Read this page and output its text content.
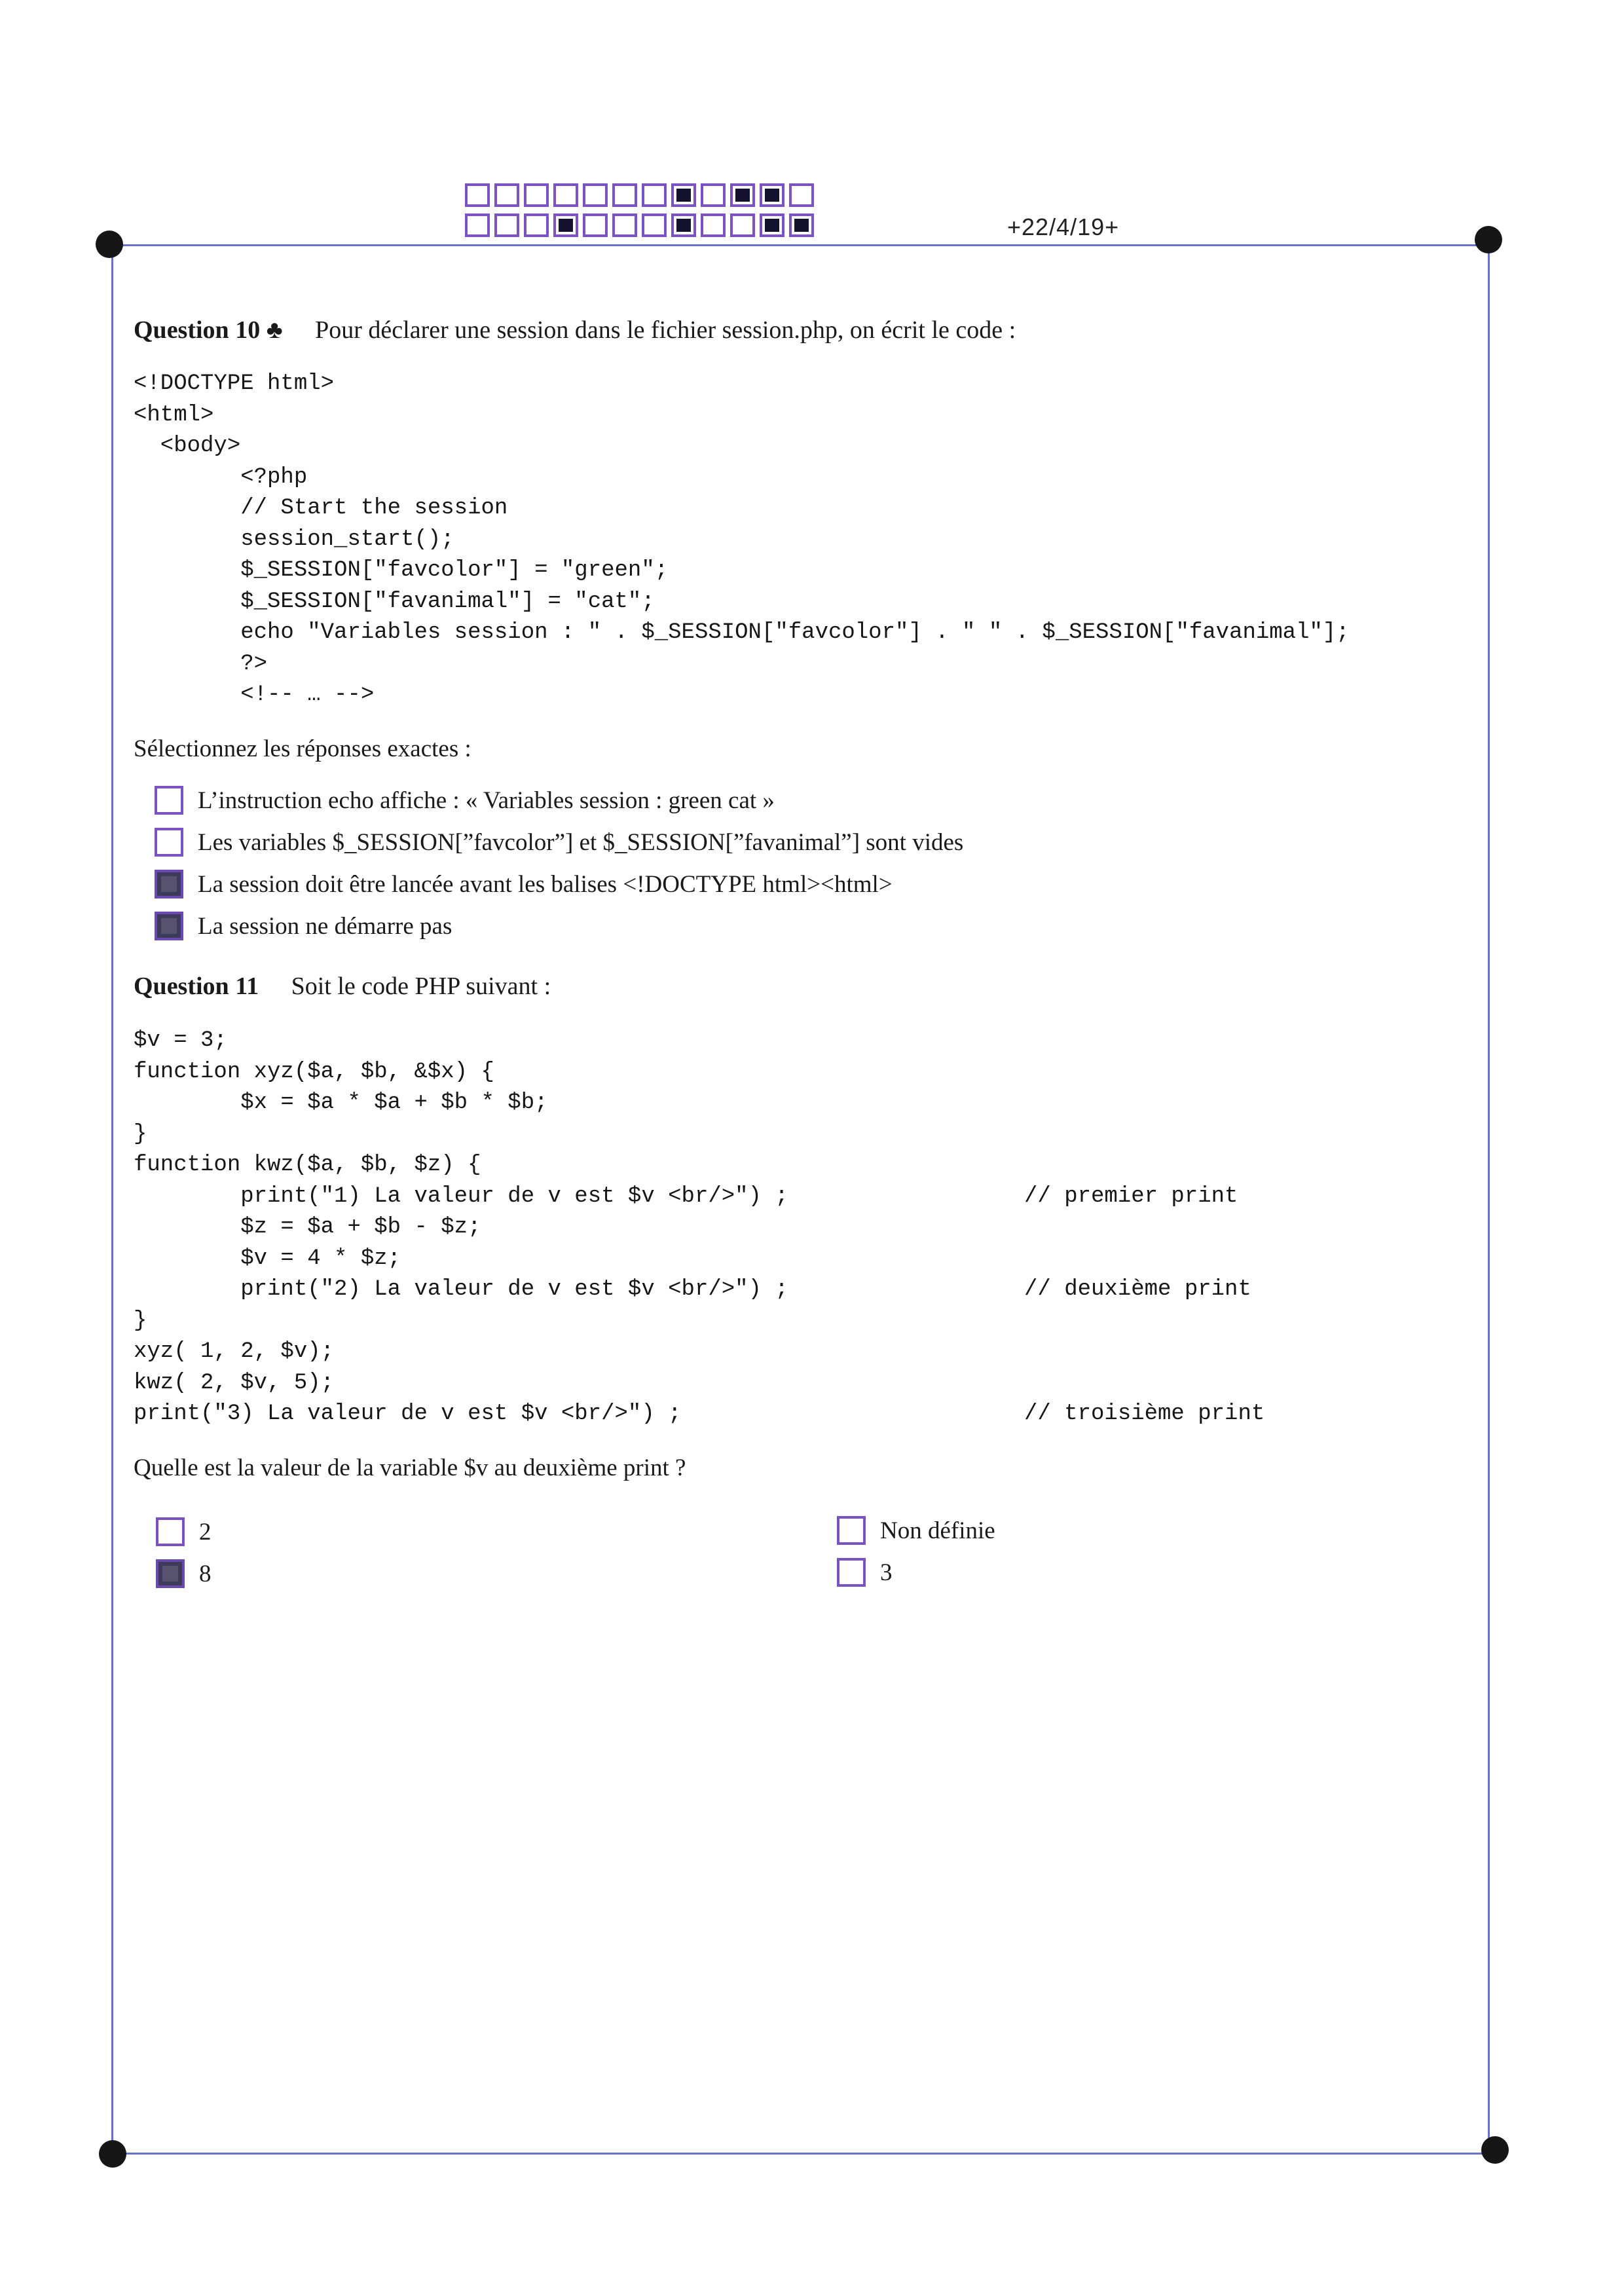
+22/4/19+
Question 10 ♣ Pour déclarer une session dans le fichier session.php, on écrit le code :
<!DOCTYPE html>
<html>
<body>
<?php
// Start the session
session_start();
$_SESSION["favcolor"] = "green";
$_SESSION["favanimal"] = "cat";
echo "Variables session : " . $_SESSION["favcolor"] . " " . $_SESSION["favanimal"];
?>
<!-- … -->
Sélectionnez les réponses exactes :
L’instruction echo affiche : « Variables session : green cat »
Les variables $_SESSION[”favcolor”] et $_SESSION[”favanimal”] sont vides
La session doit être lancée avant les balises <!DOCTYPE html><html>
La session ne démarre pas
Question 11 Soit le code PHP suivant :
$v = 3;
function xyz($a, $b, &$x) {
$x = $a * $a + $b * $b;
}
function kwz($a, $b, $z) {
print("1) La valeur de v est $v <br/>") ;	// premier print
$z = $a + $b - $z;
$v = 4 * $z;
print("2) La valeur de v est $v <br/>") ;	// deuxième print
}
xyz( 1, 2, $v);
kwz( 2, $v, 5);
print("3) La valeur de v est $v <br/>") ;	// troisième print
Quelle est la valeur de la variable $v au deuxième print ?
2	Non définie
8	3
